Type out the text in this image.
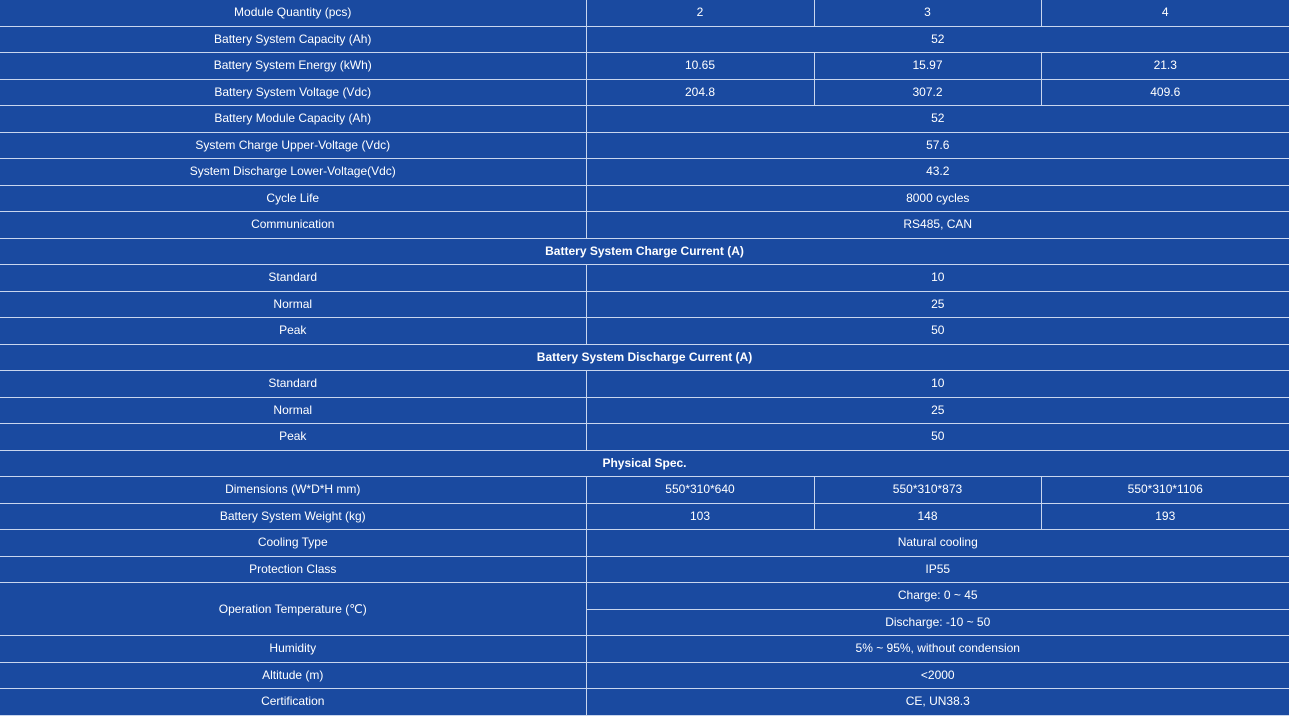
Module Quantity (pcs)	2	3	4
Battery System Capacity (Ah)	52		
Battery System Energy (kWh)	10.65	15.97	21.3
Battery System Voltage (Vdc)	204.8	307.2	409.6
Battery Module Capacity (Ah)	52		
System Charge Upper-Voltage (Vdc)	57.6		
System Discharge Lower-Voltage(Vdc)	43.2		
Cycle Life	8000 cycles		
Communication	RS485, CAN		
Battery System Charge Current (A)			
Standard	10		
Normal	25		
Peak	50		
Battery System Discharge Current (A)			
Standard	10		
Normal	25		
Peak	50		
Physical Spec.			
Dimensions (W*D*H mm)	550*310*640	550*310*873	550*310*1106
Battery System Weight (kg)	103	148	193
Cooling Type	Natural cooling		
Protection Class	IP55		
Operation Temperature (℃)	Charge: 0 ~ 45		
	Discharge: -10 ~ 50		
Humidity	5% ~ 95%, without condension		
Altitude (m)	<2000		
Certification	CE, UN38.3		
